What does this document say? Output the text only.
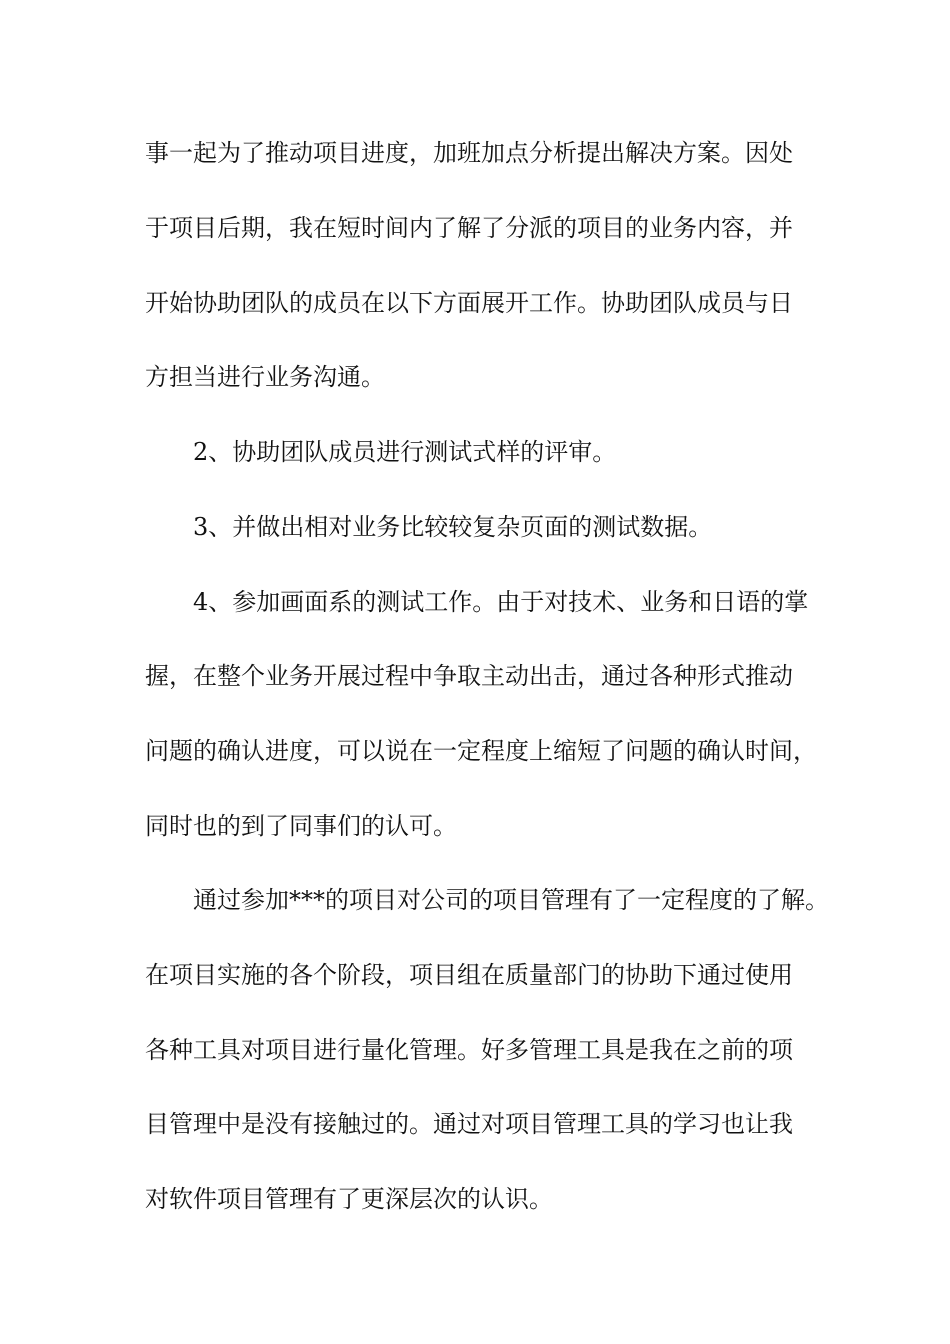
事一起为了推动项目进度，加班加点分析提出解决方案。因处
于项目后期，我在短时间内了解了分派的项目的业务内容，并
开始协助团队的成员在以下方面展开工作。协助团队成员与日
方担当进行业务沟通。
2、协助团队成员进行测试式样的评审。
3、并做出相对业务比较较复杂页面的测试数据。
4、参加画面系的测试工作。由于对技术、业务和日语的掌
握，在整个业务开展过程中争取主动出击，通过各种形式推动
问题的确认进度，可以说在一定程度上缩短了问题的确认时间，
同时也的到了同事们的认可。
通过参加***的项目对公司的项目管理有了一定程度的了解。
在项目实施的各个阶段，项目组在质量部门的协助下通过使用
各种工具对项目进行量化管理。好多管理工具是我在之前的项
目管理中是没有接触过的。通过对项目管理工具的学习也让我
对软件项目管理有了更深层次的认识。
